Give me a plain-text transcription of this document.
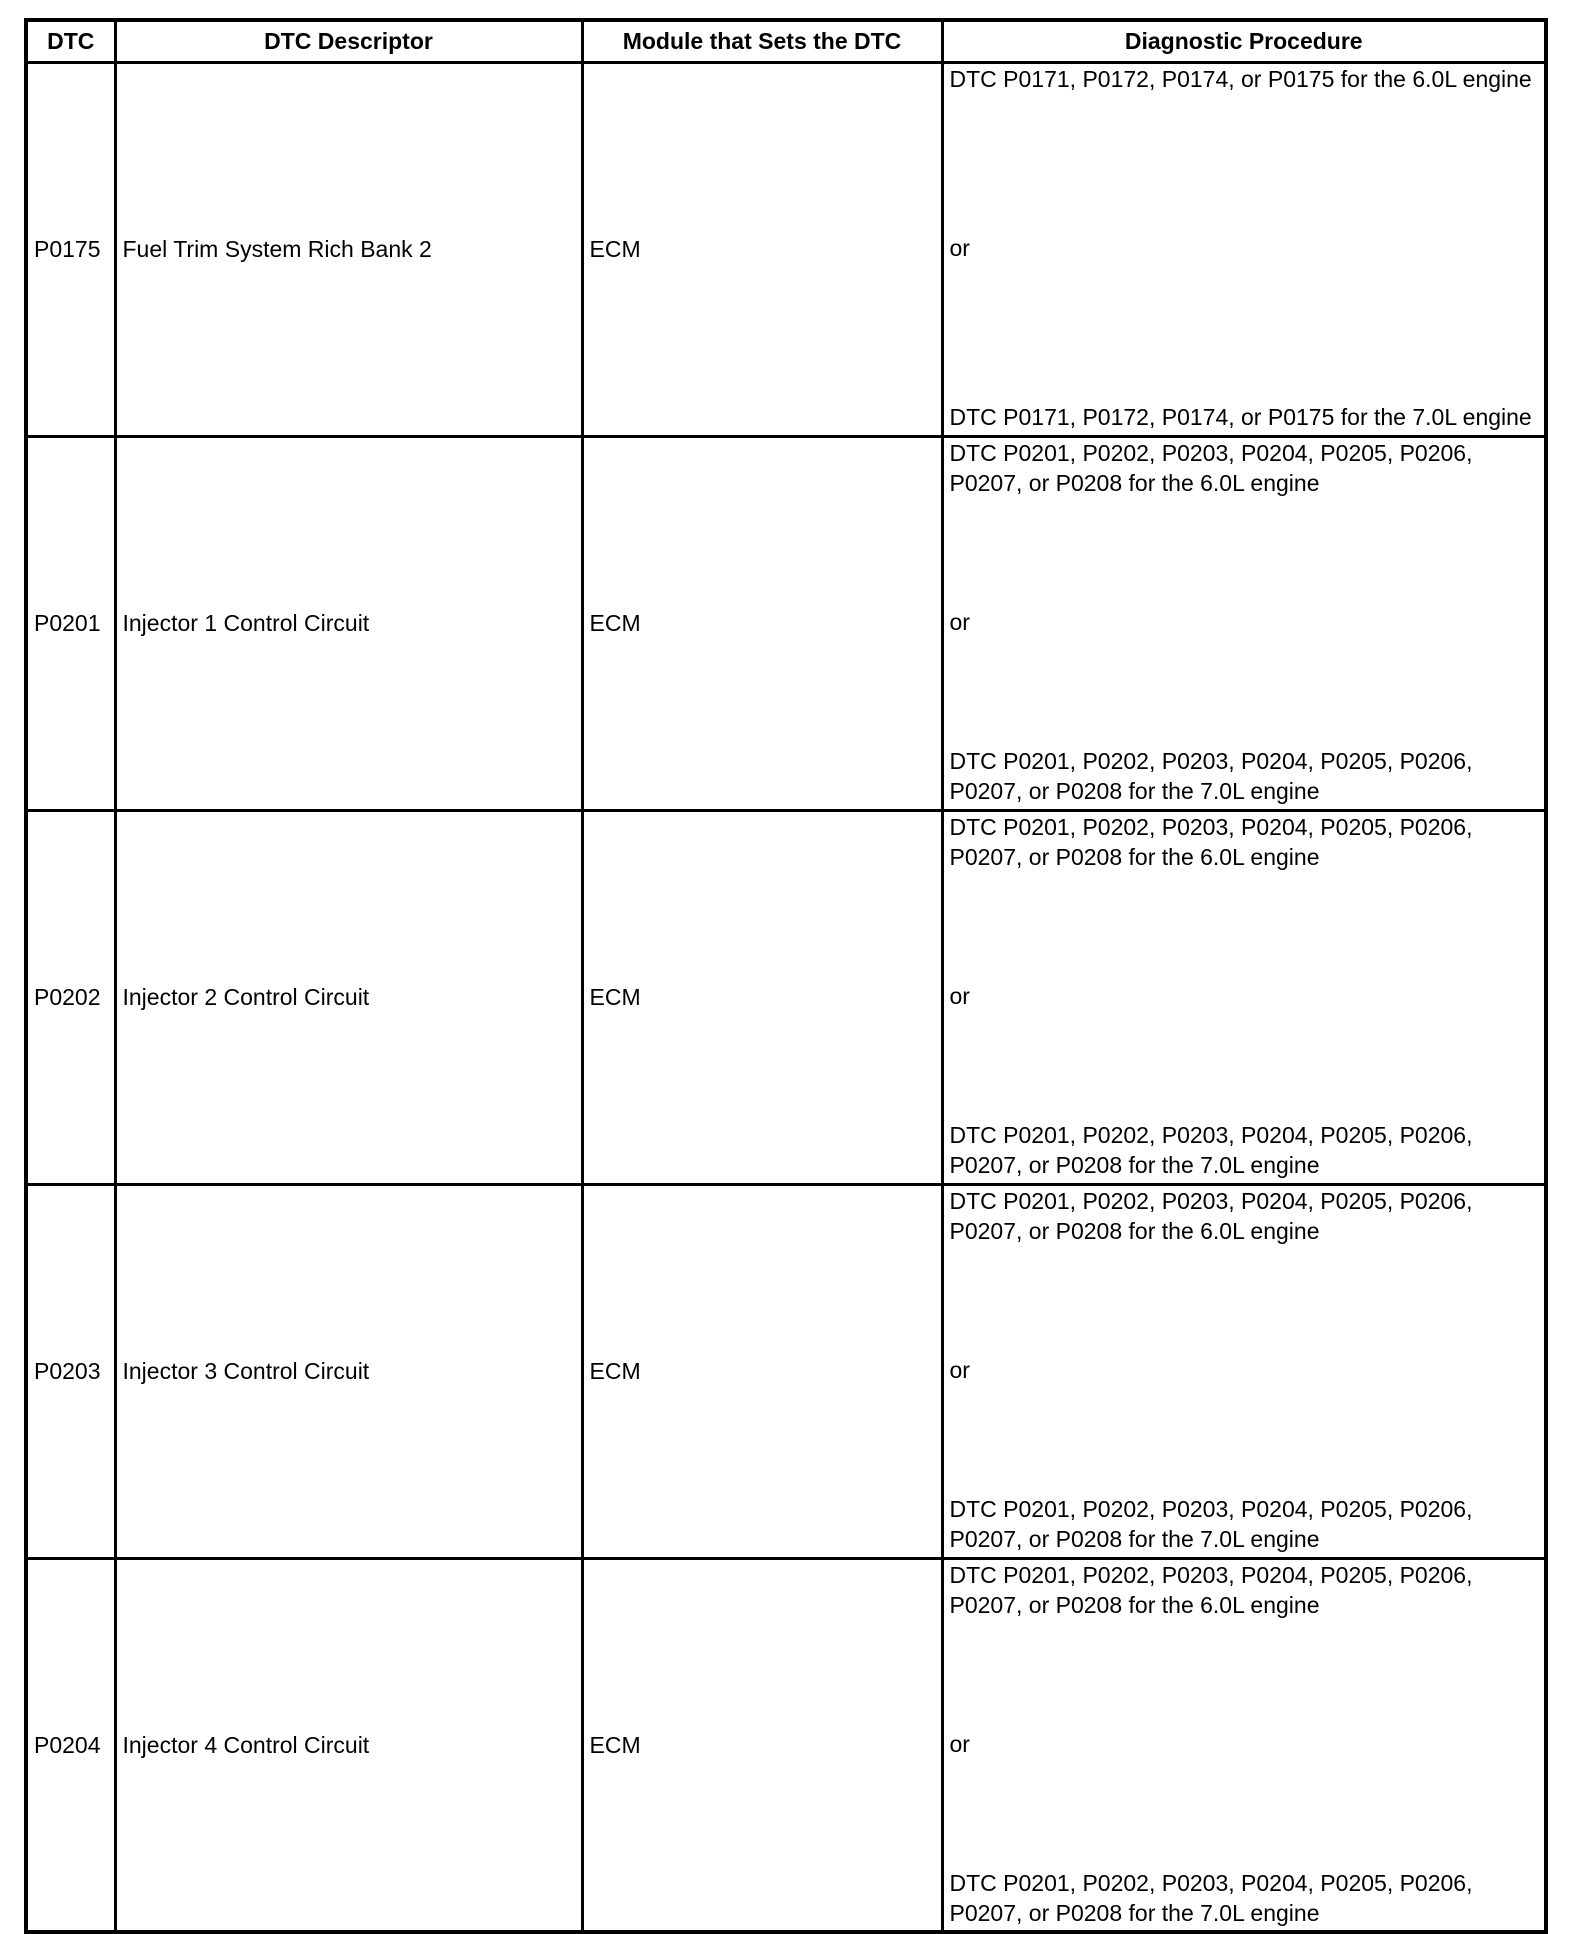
DTC	DTC Descriptor	Module that Sets the DTC	Diagnostic Procedure
P0175	Fuel Trim System Rich Bank 2	ECM	DTC P0171, P0172, P0174, or P0175 for the 6.0L engine
or
DTC P0171, P0172, P0174, or P0175 for the 7.0L engine

P0201	Injector 1 Control Circuit	ECM	DTC P0201, P0202, P0203, P0204, P0205, P0206, P0207, or P0208 for the 6.0L engine
or
DTC P0201, P0202, P0203, P0204, P0205, P0206, P0207, or P0208 for the 7.0L engine

P0202	Injector 2 Control Circuit	ECM	DTC P0201, P0202, P0203, P0204, P0205, P0206, P0207, or P0208 for the 6.0L engine
or
DTC P0201, P0202, P0203, P0204, P0205, P0206, P0207, or P0208 for the 7.0L engine

P0203	Injector 3 Control Circuit	ECM	DTC P0201, P0202, P0203, P0204, P0205, P0206, P0207, or P0208 for the 6.0L engine
or
DTC P0201, P0202, P0203, P0204, P0205, P0206, P0207, or P0208 for the 7.0L engine

P0204	Injector 4 Control Circuit	ECM	DTC P0201, P0202, P0203, P0204, P0205, P0206, P0207, or P0208 for the 6.0L engine
or
DTC P0201, P0202, P0203, P0204, P0205, P0206, P0207, or P0208 for the 7.0L engine
